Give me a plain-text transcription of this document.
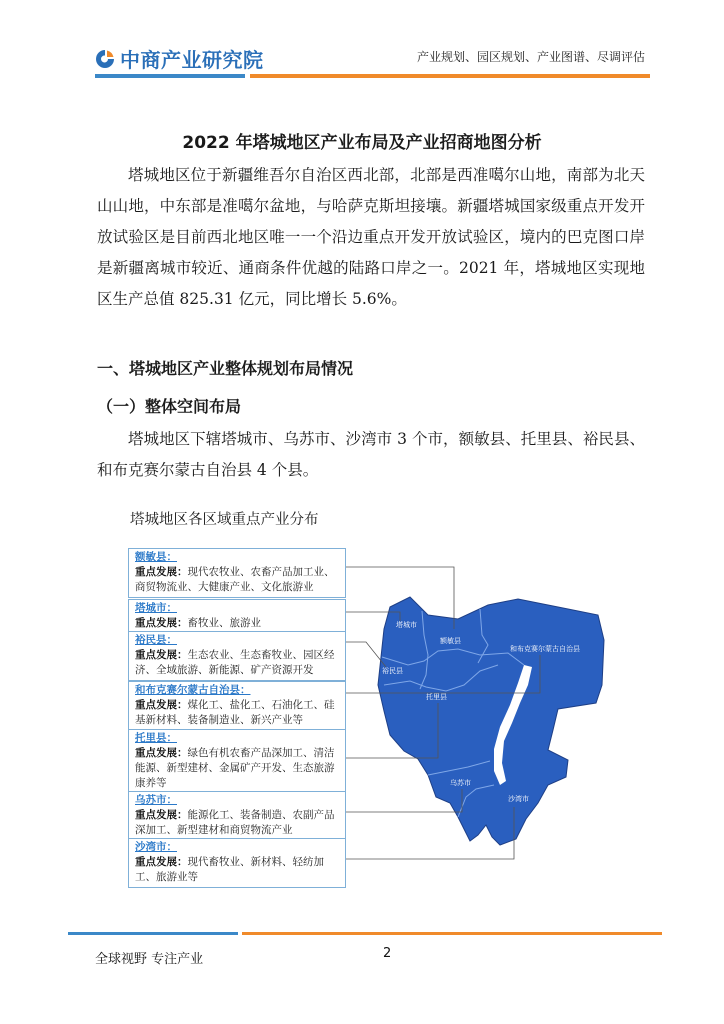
中商产业研究院	产业规划、园区规划、产业图谱、尽调评估
2022 年塔城地区产业布局及产业招商地图分析
塔城地区位于新疆维吾尔自治区西北部，北部是西准噶尔山地，南部为北天山山地，中东部是准噶尔盆地，与哈萨克斯坦接壤。新疆塔城国家级重点开发开放试验区是目前西北地区唯一一个沿边重点开发开放试验区，境内的巴克图口岸是新疆离城市较近、通商条件优越的陆路口岸之一。2021 年，塔城地区实现地区生产总值 825.31 亿元，同比增长 5.6%。
一、塔城地区产业整体规划布局情况
（一）整体空间布局
塔城地区下辖塔城市、乌苏市、沙湾市 3 个市，额敏县、托里县、裕民县、和布克赛尔蒙古自治县 4 个县。
塔城地区各区域重点产业分布
塔城市
额敏县
和布克赛尔蒙古自治县
裕民县
托里县
乌苏市
沙湾市
额敏县：
重点发展：现代农牧业、农畜产品加工业、商贸物流业、大健康产业、文化旅游业
塔城市：
重点发展：畜牧业、旅游业
裕民县：
重点发展：生态农业、生态畜牧业、园区经济、全域旅游、新能源、矿产资源开发
和布克赛尔蒙古自治县：
重点发展：煤化工、盐化工、石油化工、硅基新材料、装备制造业、新兴产业等
托里县：
重点发展：绿色有机农畜产品深加工、清洁能源、新型建材、金属矿产开发、生态旅游康养等
乌苏市：
重点发展：能源化工、装备制造、农副产品深加工、新型建材和商贸物流产业
沙湾市：
重点发展：现代畜牧业、新材料、轻纺加工、旅游业等
全球视野 专注产业	2
